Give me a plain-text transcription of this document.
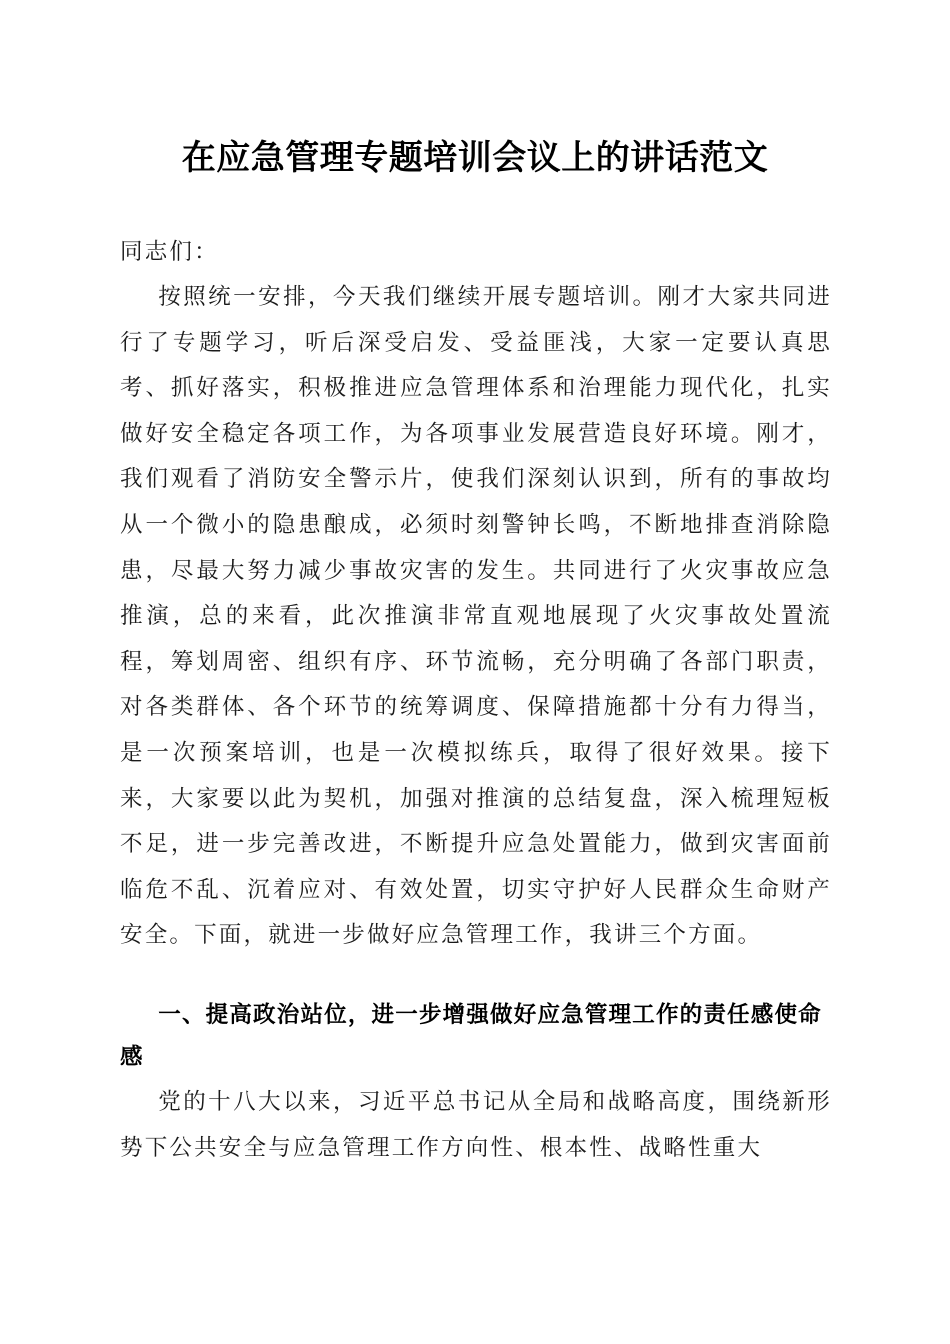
在应急管理专题培训会议上的讲话范文
同志们：

按照统一安排，今天我们继续开展专题培训。刚才大家共同进行了专题学习，听后深受启发、受益匪浅，大家一定要认真思考、抓好落实，积极推进应急管理体系和治理能力现代化，扎实做好安全稳定各项工作，为各项事业发展营造良好环境。刚才，我们观看了消防安全警示片，使我们深刻认识到，所有的事故均从一个微小的隐患酿成，必须时刻警钟长鸣，不断地排查消除隐患，尽最大努力减少事故灾害的发生。共同进行了火灾事故应急推演，总的来看，此次推演非常直观地展现了火灾事故处置流程，筹划周密、组织有序、环节流畅，充分明确了各部门职责，对各类群体、各个环节的统筹调度、保障措施都十分有力得当，是一次预案培训，也是一次模拟练兵，取得了很好效果。接下来，大家要以此为契机，加强对推演的总结复盘，深入梳理短板不足，进一步完善改进，不断提升应急处置能力，做到灾害面前临危不乱、沉着应对、有效处置，切实守护好人民群众生命财产安全。下面，就进一步做好应急管理工作，我讲三个方面。

一、提高政治站位，进一步增强做好应急管理工作的责任感使命感

党的十八大以来，习近平总书记从全局和战略高度，围绕新形势下公共安全与应急管理工作方向性、根本性、战略性重大
